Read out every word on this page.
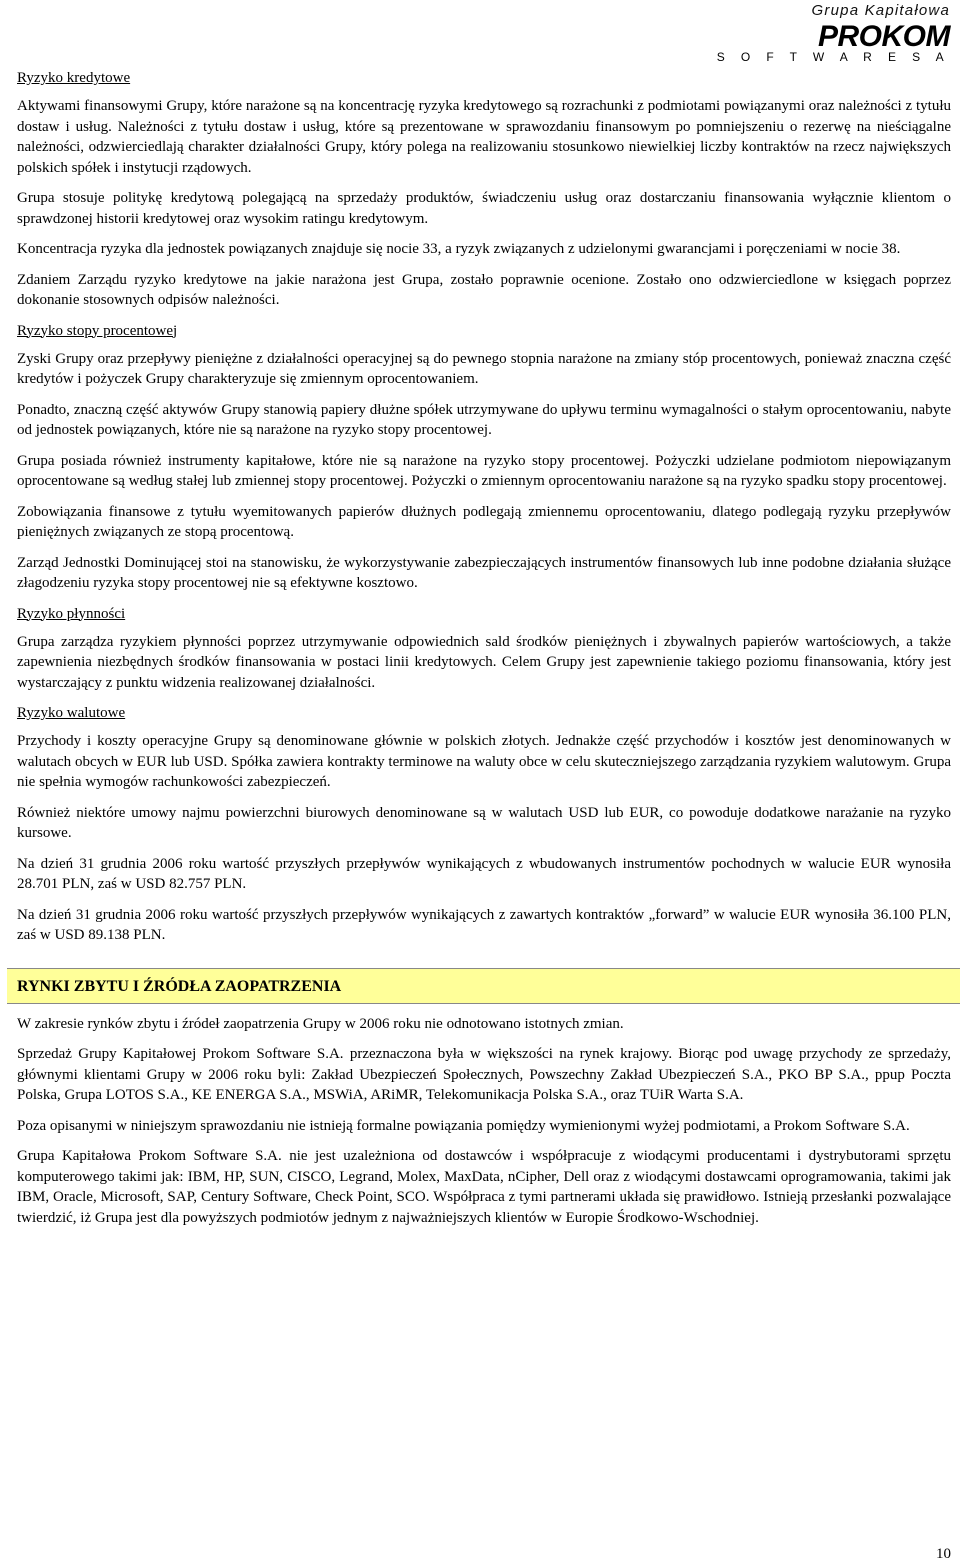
Grupa Kapitałowa
PROKOM
S O F T W A R E S A
Ryzyko kredytowe

Aktywami finansowymi Grupy, które narażone są na koncentrację ryzyka kredytowego są rozrachunki z podmiotami powiązanymi oraz należności z tytułu dostaw i usług. Należności z tytułu dostaw i usług, które są prezentowane w sprawozdaniu finansowym po pomniejszeniu o rezerwę na nieściągalne należności, odzwierciedlają charakter działalności Grupy, który polega na realizowaniu stosunkowo niewielkiej liczby kontraktów na rzecz największych polskich spółek i instytucji rządowych.

Grupa stosuje politykę kredytową polegającą na sprzedaży produktów, świadczeniu usług oraz dostarczaniu finansowania wyłącznie klientom o sprawdzonej historii kredytowej oraz wysokim ratingu kredytowym.

Koncentracja ryzyka dla jednostek powiązanych znajduje się nocie 33, a ryzyk związanych z udzielonymi gwarancjami i poręczeniami w nocie 38.

Zdaniem Zarządu ryzyko kredytowe na jakie narażona jest Grupa, zostało poprawnie ocenione. Zostało ono odzwierciedlone w księgach poprzez dokonanie stosownych odpisów należności.

Ryzyko stopy procentowej

Zyski Grupy oraz przepływy pieniężne z działalności operacyjnej są do pewnego stopnia narażone na zmiany stóp procentowych, ponieważ znaczna część kredytów i pożyczek Grupy charakteryzuje się zmiennym oprocentowaniem.

Ponadto, znaczną część aktywów Grupy stanowią papiery dłużne spółek utrzymywane do upływu terminu wymagalności o stałym oprocentowaniu, nabyte od jednostek powiązanych, które nie są narażone na ryzyko stopy procentowej.

Grupa posiada również instrumenty kapitałowe, które nie są narażone na ryzyko stopy procentowej. Pożyczki udzielane podmiotom niepowiązanym oprocentowane są według stałej lub zmiennej stopy procentowej. Pożyczki o zmiennym oprocentowaniu narażone są na ryzyko spadku stopy procentowej.

Zobowiązania finansowe z tytułu wyemitowanych papierów dłużnych podlegają zmiennemu oprocentowaniu, dlatego podlegają ryzyku przepływów pieniężnych związanych ze stopą procentową.

Zarząd Jednostki Dominującej stoi na stanowisku, że wykorzystywanie zabezpieczających instrumentów finansowych lub inne podobne działania służące złagodzeniu ryzyka stopy procentowej nie są efektywne kosztowo.

Ryzyko płynności

Grupa zarządza ryzykiem płynności poprzez utrzymywanie odpowiednich sald środków pieniężnych i zbywalnych papierów wartościowych, a także zapewnienia niezbędnych środków finansowania w postaci linii kredytowych. Celem Grupy jest zapewnienie takiego poziomu finansowania, który jest wystarczający z punktu widzenia realizowanej działalności.

Ryzyko walutowe

Przychody i koszty operacyjne Grupy są denominowane głównie w polskich złotych. Jednakże część przychodów i kosztów jest denominowanych w walutach obcych w EUR lub USD. Spółka zawiera kontrakty terminowe na waluty obce w celu skuteczniejszego zarządzania ryzykiem walutowym. Grupa nie spełnia wymogów rachunkowości zabezpieczeń.

Również niektóre umowy najmu powierzchni biurowych denominowane są w walutach USD lub EUR, co powoduje dodatkowe narażanie na ryzyko kursowe.

Na dzień 31 grudnia 2006 roku wartość przyszłych przepływów wynikających z wbudowanych instrumentów pochodnych w walucie EUR wynosiła 28.701 PLN, zaś w USD 82.757 PLN.

Na dzień 31 grudnia 2006 roku wartość przyszłych przepływów wynikających z zawartych kontraktów „forward” w walucie EUR wynosiła 36.100 PLN, zaś w USD 89.138 PLN.

RYNKI ZBYTU I ŹRÓDŁA ZAOPATRZENIA

W zakresie rynków zbytu i źródeł zaopatrzenia Grupy w 2006 roku nie odnotowano istotnych zmian.

Sprzedaż Grupy Kapitałowej Prokom Software S.A. przeznaczona była w większości na rynek krajowy. Biorąc pod uwagę przychody ze sprzedaży, głównymi klientami Grupy w 2006 roku byli: Zakład Ubezpieczeń Społecznych, Powszechny Zakład Ubezpieczeń S.A., PKO BP S.A., ppup Poczta Polska, Grupa LOTOS S.A., KE ENERGA S.A., MSWiA, ARiMR, Telekomunikacja Polska S.A., oraz TUiR Warta S.A.

Poza opisanymi w niniejszym sprawozdaniu nie istnieją formalne powiązania pomiędzy wymienionymi wyżej podmiotami, a Prokom Software S.A.

Grupa Kapitałowa Prokom Software S.A. nie jest uzależniona od dostawców i współpracuje z wiodącymi producentami i dystrybutorami sprzętu komputerowego takimi jak: IBM, HP, SUN, CISCO, Legrand, Molex, MaxData, nCipher, Dell oraz z wiodącymi dostawcami oprogramowania, takimi jak IBM, Oracle, Microsoft, SAP, Century Software, Check Point, SCO. Współpraca z tymi partnerami układa się prawidłowo. Istnieją przesłanki pozwalające twierdzić, iż Grupa jest dla powyższych podmiotów jednym z najważniejszych klientów w Europie Środkowo-Wschodniej.

10
